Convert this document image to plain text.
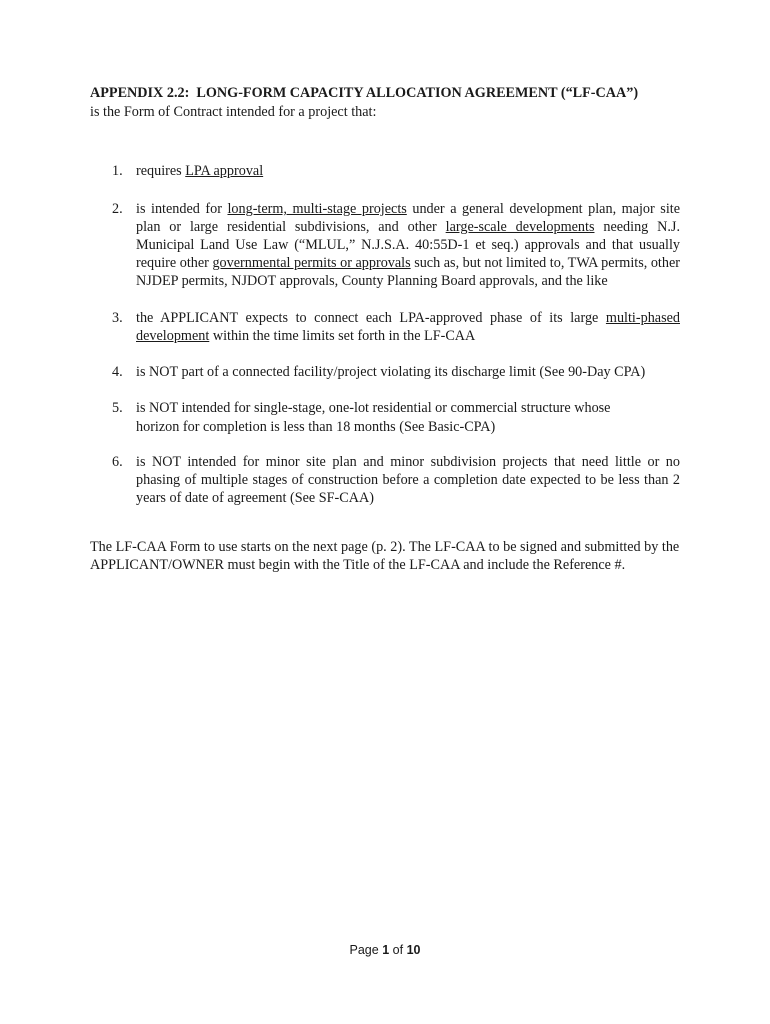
APPENDIX 2.2: LONG-FORM CAPACITY ALLOCATION AGREEMENT (“LF-CAA”)
is the Form of Contract intended for a project that:
1. requires LPA approval
2. is intended for long-term, multi-stage projects under a general development plan, major site plan or large residential subdivisions, and other large-scale developments needing N.J. Municipal Land Use Law (“MLUL,” N.J.S.A. 40:55D-1 et seq.) approvals and that usually require other governmental permits or approvals such as, but not limited to, TWA permits, other NJDEP permits, NJDOT approvals, County Planning Board approvals, and the like
3. the APPLICANT expects to connect each LPA-approved phase of its large multi-phased development within the time limits set forth in the LF-CAA
4. is NOT part of a connected facility/project violating its discharge limit (See 90-Day CPA)
5. is NOT intended for single-stage, one-lot residential or commercial structure whose
horizon for completion is less than 18 months (See Basic-CPA)
6. is NOT intended for minor site plan and minor subdivision projects that need little or no phasing of multiple stages of construction before a completion date expected to be less than 2 years of date of agreement (See SF-CAA)
The LF-CAA Form to use starts on the next page (p. 2). The LF-CAA to be signed and submitted by the APPLICANT/OWNER must begin with the Title of the LF-CAA and include the Reference #.
Page 1 of 10
